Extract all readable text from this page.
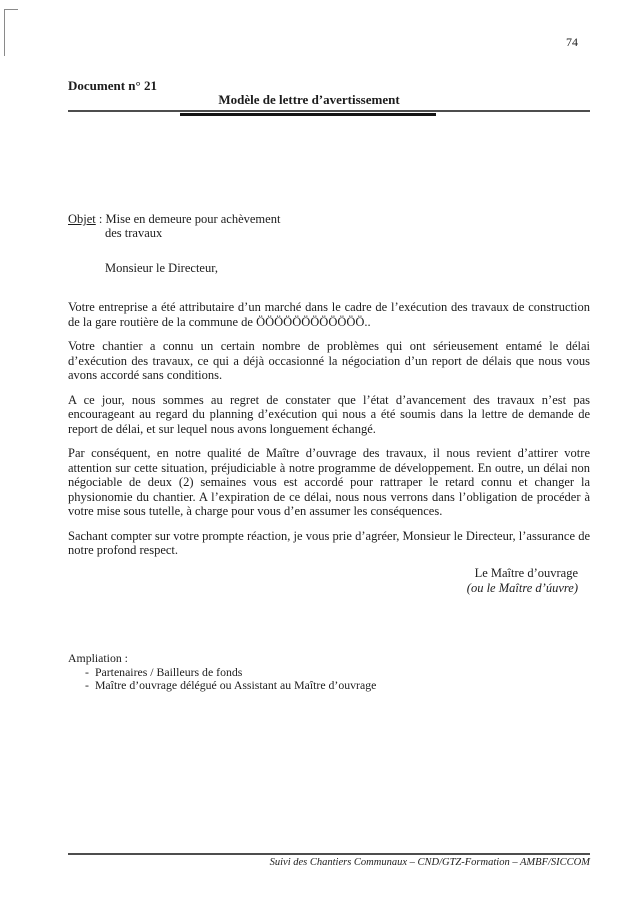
74
Document n° 21
Modèle de lettre d’avertissement
Objet : Mise en demeure pour achèvement
des travaux
Monsieur le Directeur,

Votre entreprise a été attributaire d’un marché dans le cadre de l’exécution des travaux de construction de la gare routière de la commune de ÖÖÖÖÖÖÖÖÖÖÖÖ..

Votre chantier a connu un certain nombre de problèmes qui ont sérieusement entamé le délai d’exécution des travaux, ce qui a déjà occasionné la négociation d’un report de délais que nous vous avons accordé sans conditions.

A ce jour, nous sommes au regret de constater que l’état d’avancement des travaux n’est pas encourageant au regard du planning d’exécution qui nous a été soumis dans la lettre de demande de report de délai, et sur lequel nous avons longuement échangé.

Par conséquent, en notre qualité de Maître d’ouvrage des travaux, il nous revient d’attirer votre attention sur cette situation, préjudiciable à notre programme de développement. En outre, un délai non négociable de deux (2) semaines vous est accordé pour rattraper le retard connu et changer la physionomie du chantier. A l’expiration de ce délai, nous nous verrons dans l’obligation de procéder à votre mise sous tutelle, à charge pour vous d’en assumer les conséquences.

Sachant compter sur votre prompte réaction, je vous prie d’agréer, Monsieur le Directeur, l’assurance de notre profond respect.

Le Maître d’ouvrage
(ou le Maître d’úuvre)
Ampliation :
- Partenaires / Bailleurs de fonds
- Maître d’ouvrage délégué ou Assistant au Maître d’ouvrage
Suivi des Chantiers Communaux – CND/GTZ-Formation – AMBF/SICCOM
